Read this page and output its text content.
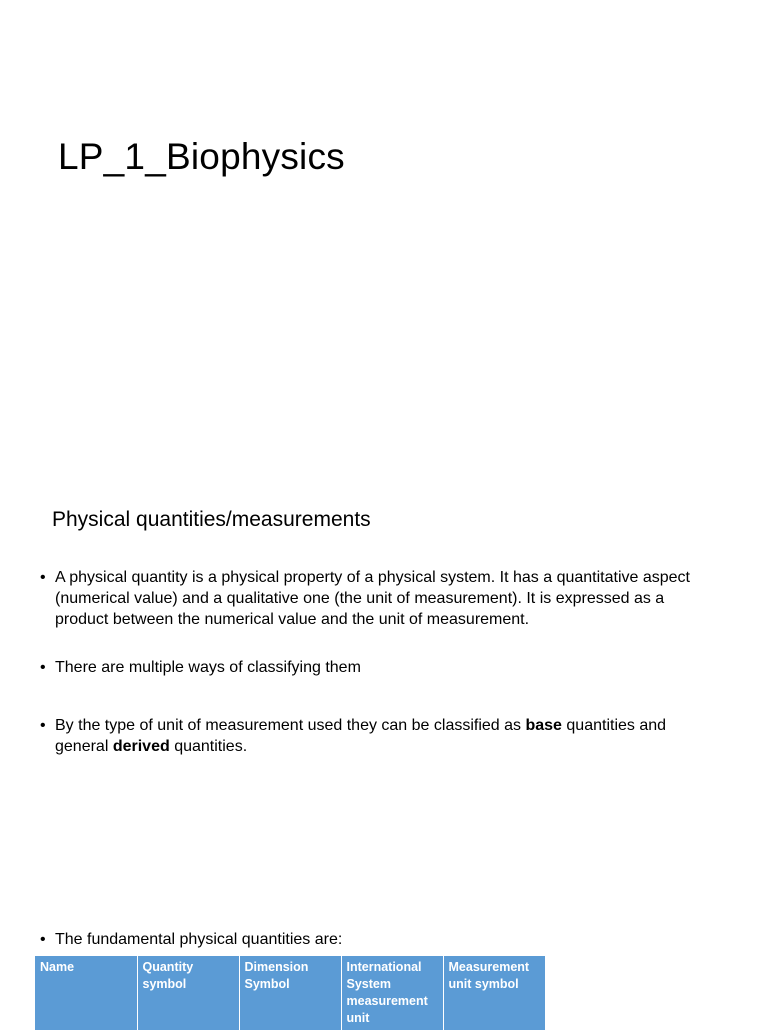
LP_1_Biophysics
Physical quantities/measurements
• A physical quantity is a physical property of a physical system. It has a quantitative aspect (numerical value) and a qualitative one (the unit of measurement). It is expressed as a product between the numerical value and the unit of measurement.
• There are multiple ways of classifying them
• By the type of unit of measurement used they can be classified as base quantities and general derived quantities.
• The fundamental physical quantities are:
Name	Quantity symbol	Dimension Symbol	International System measurement unit	Measurement unit symbol
